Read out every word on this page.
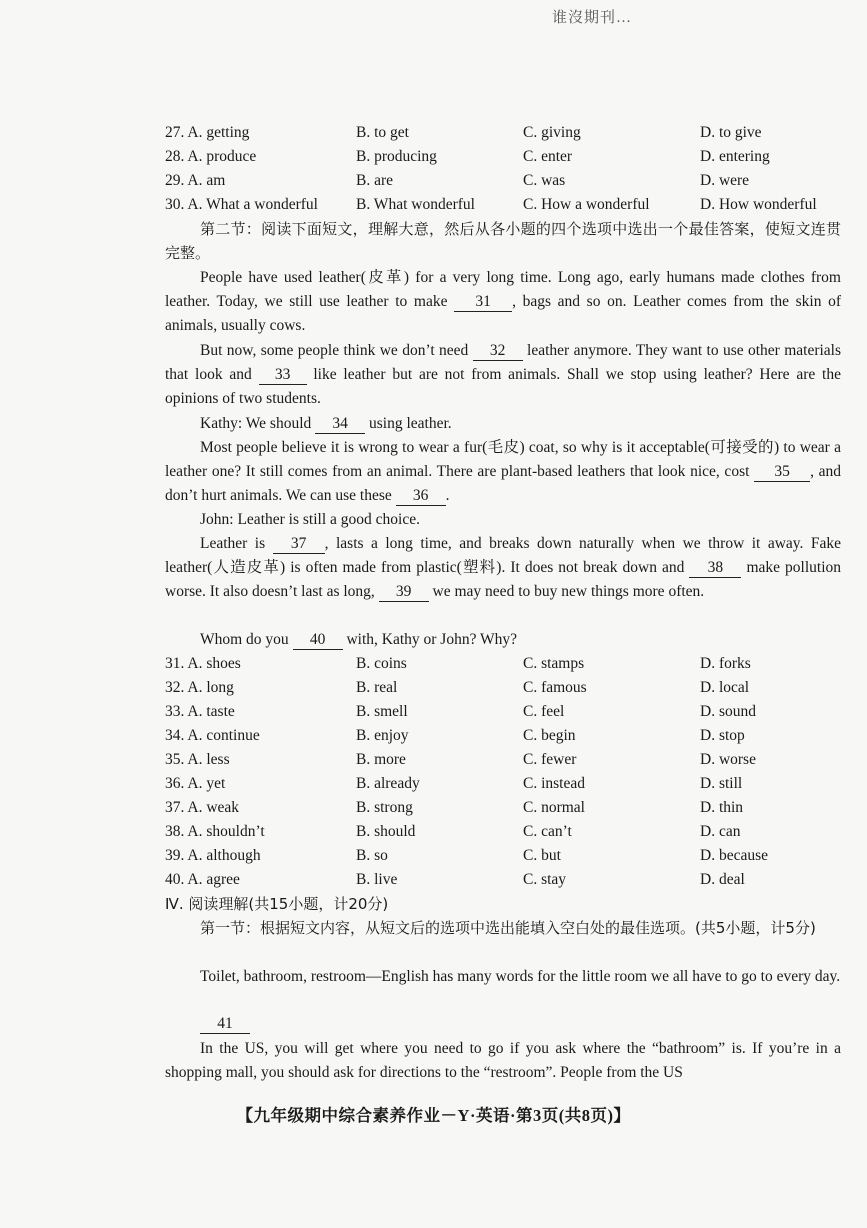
谁沒期刊…
27. A. getting	B. to get	C. giving	D. to give
28. A. produce	B. producing	C. enter	D. entering
29. A. am	B. are	C. was	D. were
30. A. What a wonderful B. What wonderful	C. How a wonderful	D. How wonderful
第二节：阅读下面短文，理解大意，然后从各小题的四个选项中选出一个最佳答案，使短文连贯完整。
People have used leather(皮革) for a very long time. Long ago, early humans made clothes from leather. Today, we still use leather to make 31 , bags and so on. Leather comes from the skin of animals, usually cows.
But now, some people think we don’t need 32 leather anymore. They want to use other materials that look and 33 like leather but are not from animals. Shall we stop using leather? Here are the opinions of two students.
Kathy: We should 34 using leather.
Most people believe it is wrong to wear a fur(毛皮) coat, so why is it acceptable(可接受的) to wear a leather one? It still comes from an animal. There are plant-based leathers that look nice, cost 35 , and don’t hurt animals. We can use these 36 .
John: Leather is still a good choice.
Leather is 37 , lasts a long time, and breaks down naturally when we throw it away. Fake leather(人造皮革) is often made from plastic(塑料). It does not break down and 38 make pollution worse. It also doesn’t last as long, 39 we may need to buy new things more often.
Whom do you 40 with, Kathy or John? Why?
31. A. shoes	B. coins	C. stamps	D. forks
32. A. long	B. real	C. famous	D. local
33. A. taste	B. smell	C. feel	D. sound
34. A. continue	B. enjoy	C. begin	D. stop
35. A. less	B. more	C. fewer	D. worse
36. A. yet	B. already	C. instead	D. still
37. A. weak	B. strong	C. normal	D. thin
38. A. shouldn’t	B. should	C. can’t	D. can
39. A. although	B. so	C. but	D. because
40. A. agree	B. live	C. stay	D. deal
Ⅳ. 阅读理解(共15小题，计20分)
第一节：根据短文内容，从短文后的选项中选出能填入空白处的最佳选项。(共5小题，计5分)
Toilet, bathroom, restroom—English has many words for the little room we all have to go to every day.
41
In the US, you will get where you need to go if you ask where the “bathroom” is. If you’re in a shopping mall, you should ask for directions to the “restroom”. People from the US
【九年级期中综合素养作业－Y·英语·第3页(共8页)】
